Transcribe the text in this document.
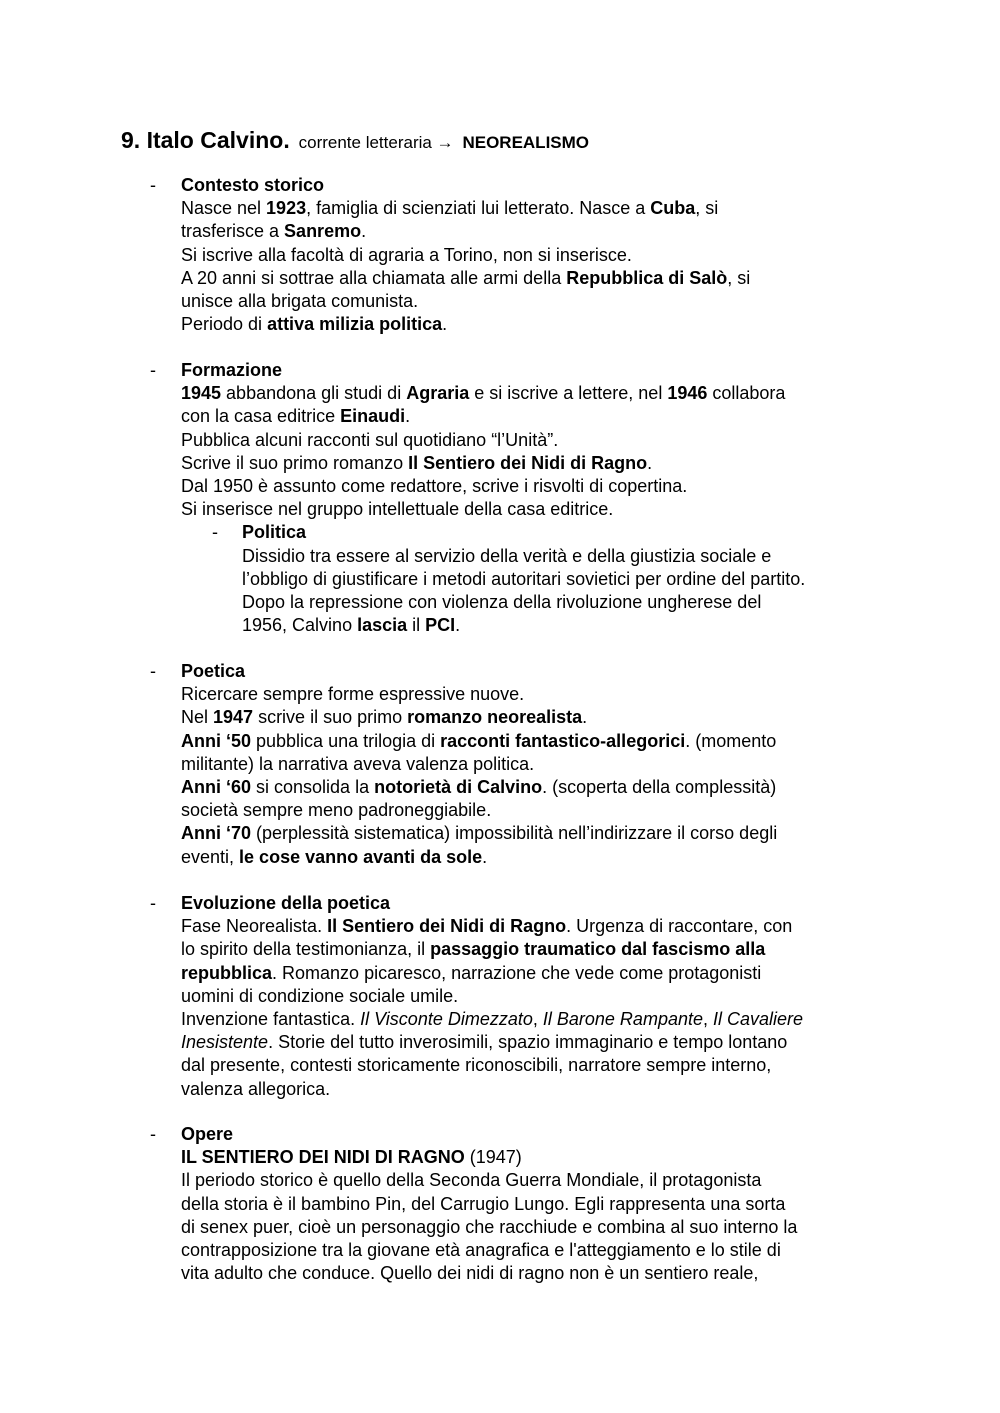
9. Italo Calvino. corrente letteraria → NEOREALISMO
- Contesto storico

Nasce nel 1923, famiglia di scienziati lui letterato. Nasce a Cuba, si

trasferisce a Sanremo.

Si iscrive alla facoltà di agraria a Torino, non si inserisce.

A 20 anni si sottrae alla chiamata alle armi della Repubblica di Salò, si

unisce alla brigata comunista.

Periodo di attiva milizia politica.

- Formazione

1945 abbandona gli studi di Agraria e si iscrive a lettere, nel 1946 collabora

con la casa editrice Einaudi.

Pubblica alcuni racconti sul quotidiano “l’Unità”.

Scrive il suo primo romanzo Il Sentiero dei Nidi di Ragno.

Dal 1950 è assunto come redattore, scrive i risvolti di copertina.

Si inserisce nel gruppo intellettuale della casa editrice.

- Politica

Dissidio tra essere al servizio della verità e della giustizia sociale e

l’obbligo di giustificare i metodi autoritari sovietici per ordine del partito.

Dopo la repressione con violenza della rivoluzione ungherese del

1956, Calvino lascia il PCI.

- Poetica

Ricercare sempre forme espressive nuove.

Nel 1947 scrive il suo primo romanzo neorealista.

Anni ‘50 pubblica una trilogia di racconti fantastico-allegorici. (momento

militante) la narrativa aveva valenza politica.

Anni ‘60 si consolida la notorietà di Calvino. (scoperta della complessità)

società sempre meno padroneggiabile.

Anni ‘70 (perplessità sistematica) impossibilità nell’indirizzare il corso degli

eventi, le cose vanno avanti da sole.

- Evoluzione della poetica

Fase Neorealista. Il Sentiero dei Nidi di Ragno. Urgenza di raccontare, con

lo spirito della testimonianza, il passaggio traumatico dal fascismo alla

repubblica. Romanzo picaresco, narrazione che vede come protagonisti

uomini di condizione sociale umile.

Invenzione fantastica. Il Visconte Dimezzato, Il Barone Rampante, Il Cavaliere

Inesistente. Storie del tutto inverosimili, spazio immaginario e tempo lontano

dal presente, contesti storicamente riconoscibili, narratore sempre interno,

valenza allegorica.

- Opere

IL SENTIERO DEI NIDI DI RAGNO (1947)

Il periodo storico è quello della Seconda Guerra Mondiale, il protagonista

della storia è il bambino Pin, del Carrugio Lungo. Egli rappresenta una sorta

di senex puer, cioè un personaggio che racchiude e combina al suo interno la

contrapposizione tra la giovane età anagrafica e l'atteggiamento e lo stile di

vita adulto che conduce. Quello dei nidi di ragno non è un sentiero reale,
